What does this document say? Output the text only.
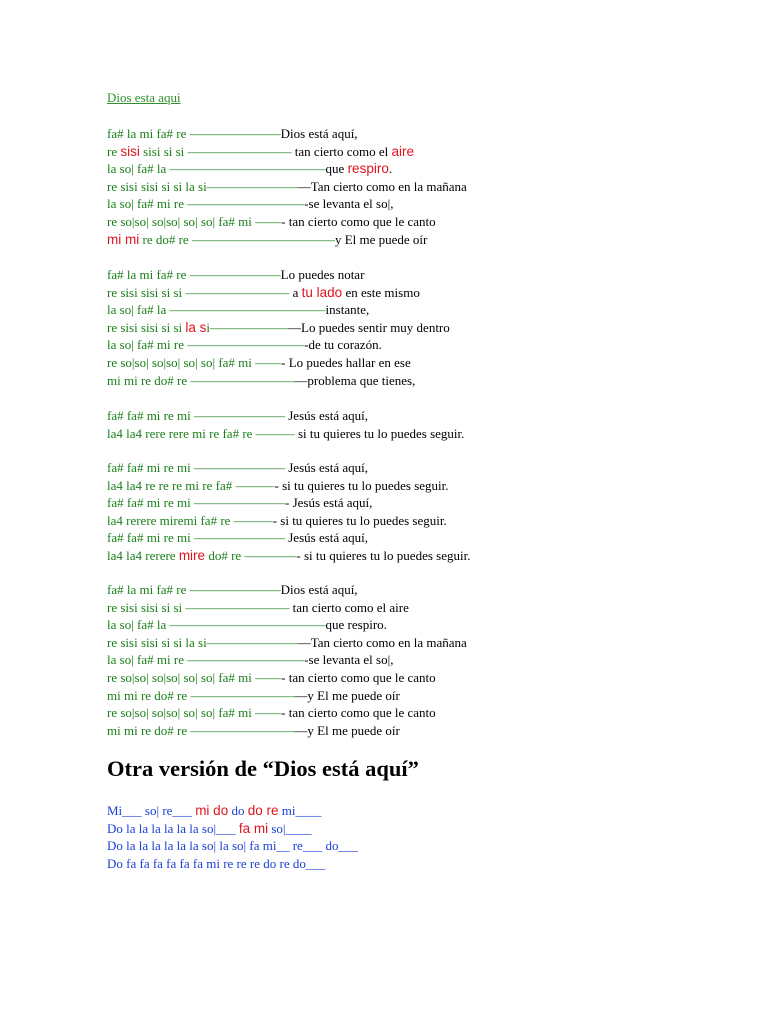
Dios esta aqui
fa# la mi fa# re ———————Dios está aquí,
re sisi sisi si si ———————— tan cierto como el aire
la so| fa# la ————————————que respiro.
re sisi sisi si si la si————————Tan cierto como en la mañana
la so| fa# mi re —————————-se levanta el so|,
re so|so| so|so| so| so| fa# mi ——- tan cierto como que le canto
mi mi re do# re ———————————y El me puede oír
fa# la mi fa# re ———————Lo puedes notar
re sisi sisi si si ———————— a tu lado en este mismo
la so| fa# la ————————————instante,
re sisi sisi si si la si———————Lo puedes sentir muy dentro
la so| fa# mi re —————————-de tu corazón.
re so|so| so|so| so| so| fa# mi ——- Lo puedes hallar en ese
mi mi re do# re —————————problema que tienes,
fa# fa# mi re mi ——————— Jesús está aquí,
la4 la4 rere rere mi re fa# re ——— si tu quieres tu lo puedes seguir.
fa# fa# mi re mi ——————— Jesús está aquí,
la4 la4 re re re mi re fa# ———- si tu quieres tu lo puedes seguir.
fa# fa# mi re mi ———————- Jesús está aquí,
la4 rerere miremi fa# re ———- si tu quieres tu lo puedes seguir.
fa# fa# mi re mi ——————— Jesús está aquí,
la4 la4 rerere mire do# re ————- si tu quieres tu lo puedes seguir.
fa# la mi fa# re ———————Dios está aquí,
re sisi sisi si si ———————— tan cierto como el aire
la so| fa# la ————————————que respiro.
re sisi sisi si si la si————————Tan cierto como en la mañana
la so| fa# mi re —————————-se levanta el so|,
re so|so| so|so| so| so| fa# mi ——- tan cierto como que le canto
mi mi re do# re —————————y El me puede oír
re so|so| so|so| so| so| fa# mi ——- tan cierto como que le canto
mi mi re do# re —————————y El me puede oír
Otra versión de “Dios está aquí”
Mi___ so| re___ mi do do do re mi____
Do la la la la la la so|___ fa mi so|____
Do la la la la la la so| la so| fa mi__ re___ do___
Do fa fa fa fa fa fa mi re re re do re do___
